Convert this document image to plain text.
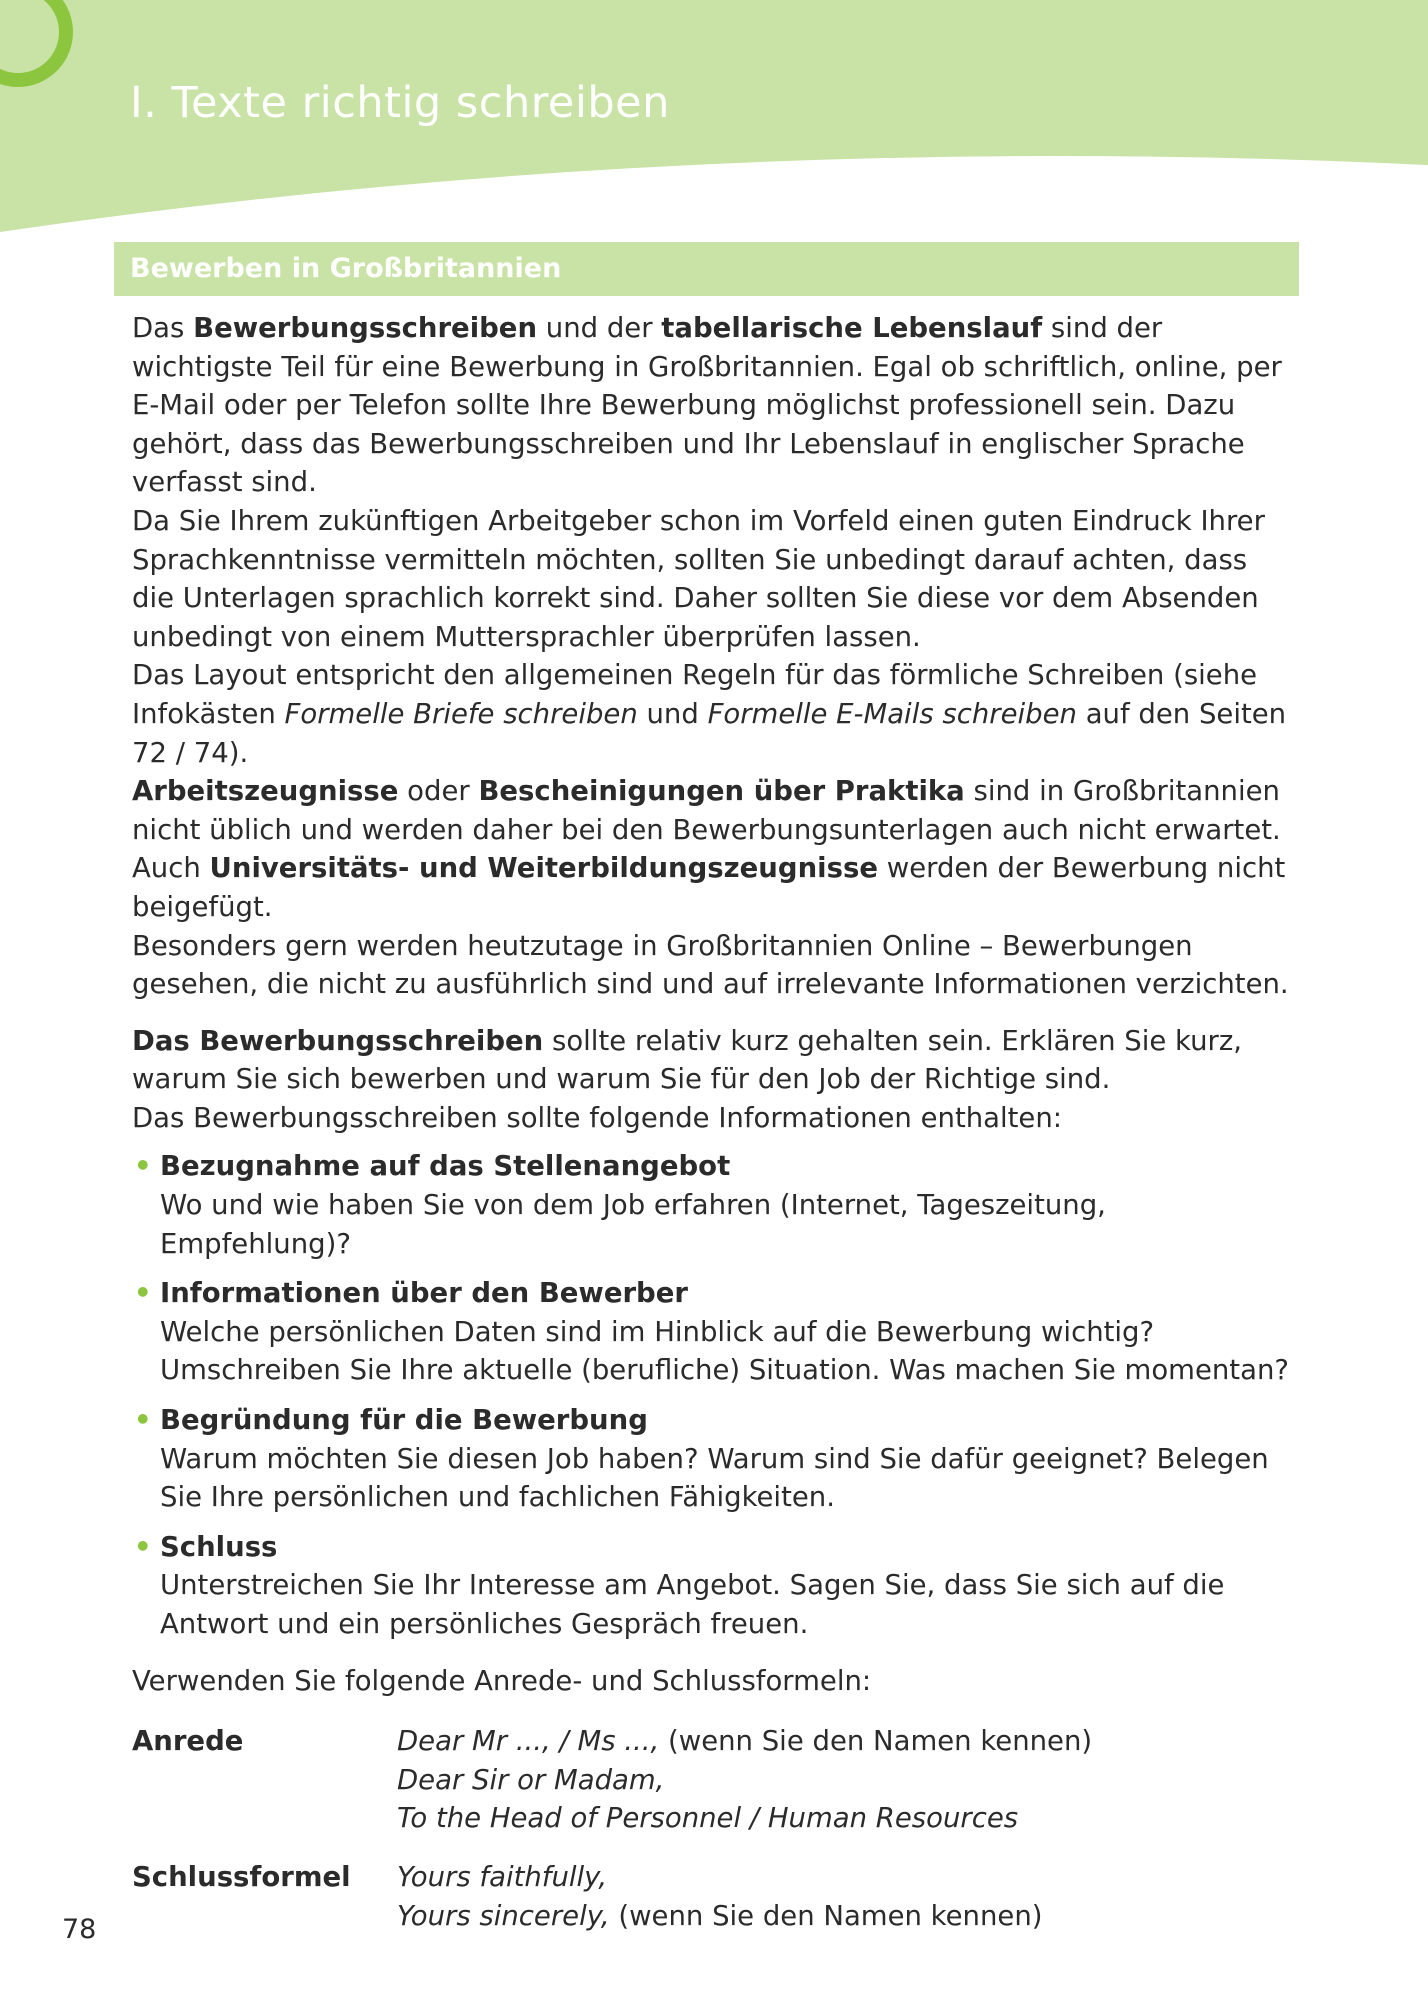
I. Texte richtig schreiben
Bewerben in Großbritannien

Das Bewerbungsschreiben und der tabellarische Lebenslauf sind der wichtigste Teil für eine Bewerbung in Großbritannien. Egal ob schriftlich, online, per E-Mail oder per Telefon sollte Ihre Bewerbung möglichst professionell sein. Dazu gehört, dass das Bewerbungsschreiben und Ihr Lebenslauf in englischer Sprache verfasst sind.

Da Sie Ihrem zukünftigen Arbeitgeber schon im Vorfeld einen guten Eindruck Ihrer Sprachkenntnisse vermitteln möchten, sollten Sie unbedingt darauf achten, dass die Unterlagen sprachlich korrekt sind. Daher sollten Sie diese vor dem Absenden unbedingt von einem Muttersprachler überprüfen lassen.

Das Layout entspricht den allgemeinen Regeln für das förmliche Schreiben (siehe Infokästen Formelle Briefe schreiben und Formelle E-Mails schreiben auf den Seiten 72 / 74).

Arbeitszeugnisse oder Bescheinigungen über Praktika sind in Großbritannien nicht üblich und werden daher bei den Bewerbungsunterlagen auch nicht erwartet. Auch Universitäts- und Weiterbildungszeugnisse werden der Bewerbung nicht beigefügt.

Besonders gern werden heutzutage in Großbritannien Online – Bewerbungen gesehen, die nicht zu ausführlich sind und auf irrelevante Informationen verzichten.

Das Bewerbungsschreiben sollte relativ kurz gehalten sein. Erklären Sie kurz, warum Sie sich bewerben und warum Sie für den Job der Richtige sind.

Das Bewerbungsschreiben sollte folgende Informationen enthalten:

• Bezugnahme auf das Stellenangebot
Wo und wie haben Sie von dem Job erfahren (Internet, Tageszeitung, Empfehlung)?
• Informationen über den Bewerber
Welche persönlichen Daten sind im Hinblick auf die Bewerbung wichtig?
Umschreiben Sie Ihre aktuelle (berufliche) Situation. Was machen Sie momentan?
• Begründung für die Bewerbung
Warum möchten Sie diesen Job haben? Warum sind Sie dafür geeignet? Belegen Sie Ihre persönlichen und fachlichen Fähigkeiten.
• Schluss
Unterstreichen Sie Ihr Interesse am Angebot. Sagen Sie, dass Sie sich auf die Antwort und ein persönliches Gespräch freuen.

Verwenden Sie folgende Anrede- und Schlussformeln:

Anrede	Dear Mr ..., / Ms ..., (wenn Sie den Namen kennen)
Dear Sir or Madam,
To the Head of Personnel / Human Resources
Schlussformel	Yours faithfully,
Yours sincerely, (wenn Sie den Namen kennen)
78
